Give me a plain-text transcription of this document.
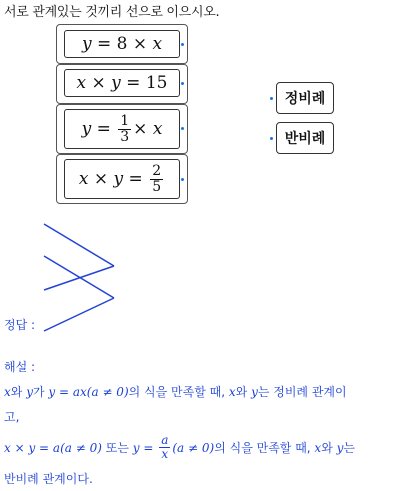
서로 관계있는 것끼리 선으로 이으시오.
y = 8 × x
x × y = 15
$y = \frac{1}{3} \times x$
$x \times y = \frac{2}{5}$
정비례
반비례
정답 :
해설 :
x와 y가 y = ax(a ≠ 0)의 식을 만족할 때, x와 y는 정비례 관계이
고,
x × y = a(a ≠ 0) 또는 $y = \frac{a}{x} (a \ne 0)$ 의 식을 만족할 때, x 와 y 는
반비례 관계이다.
